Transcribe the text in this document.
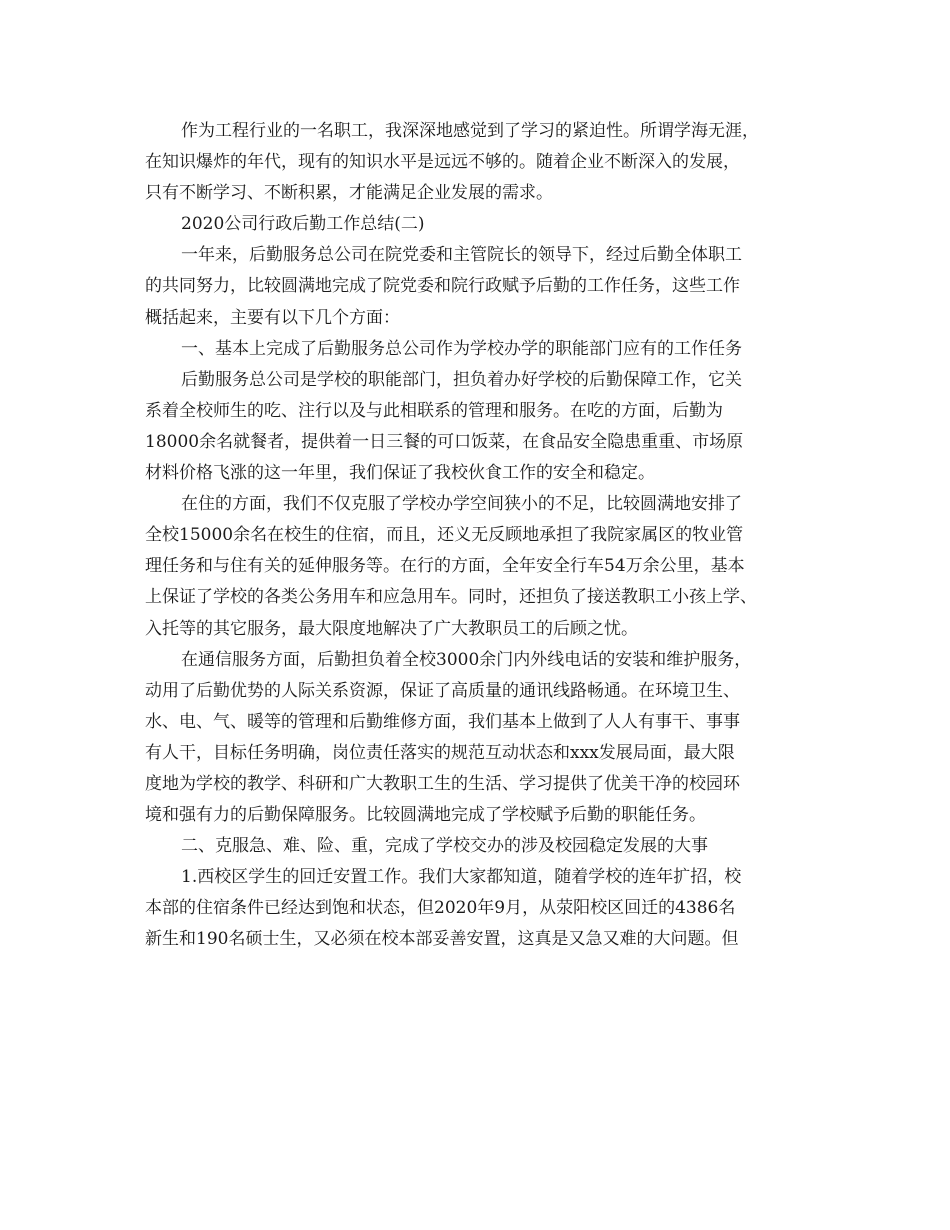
作为工程行业的一名职工，我深深地感觉到了学习的紧迫性。所谓学海无涯，
在知识爆炸的年代，现有的知识水平是远远不够的。随着企业不断深入的发展，
只有不断学习、不断积累，才能满足企业发展的需求。
2020公司行政后勤工作总结(二)
一年来，后勤服务总公司在院党委和主管院长的领导下，经过后勤全体职工
的共同努力，比较圆满地完成了院党委和院行政赋予后勤的工作任务，这些工作
概括起来，主要有以下几个方面：
一、基本上完成了后勤服务总公司作为学校办学的职能部门应有的工作任务
后勤服务总公司是学校的职能部门，担负着办好学校的后勤保障工作，它关
系着全校师生的吃、注行以及与此相联系的管理和服务。在吃的方面，后勤为
18000余名就餐者，提供着一日三餐的可口饭菜，在食品安全隐患重重、市场原
材料价格飞涨的这一年里，我们保证了我校伙食工作的安全和稳定。
在住的方面，我们不仅克服了学校办学空间狭小的不足，比较圆满地安排了
全校15000余名在校生的住宿，而且，还义无反顾地承担了我院家属区的牧业管
理任务和与住有关的延伸服务等。在行的方面，全年安全行车54万余公里，基本
上保证了学校的各类公务用车和应急用车。同时，还担负了接送教职工小孩上学、
入托等的其它服务，最大限度地解决了广大教职员工的后顾之忧。
在通信服务方面，后勤担负着全校3000余门内外线电话的安装和维护服务，
动用了后勤优势的人际关系资源，保证了高质量的通讯线路畅通。在环境卫生、
水、电、气、暖等的管理和后勤维修方面，我们基本上做到了人人有事干、事事
有人干，目标任务明确，岗位责任落实的规范互动状态和xxx发展局面，最大限
度地为学校的教学、科研和广大教职工生的生活、学习提供了优美干净的校园环
境和强有力的后勤保障服务。比较圆满地完成了学校赋予后勤的职能任务。
二、克服急、难、险、重，完成了学校交办的涉及校园稳定发展的大事
1.西校区学生的回迁安置工作。我们大家都知道，随着学校的连年扩招，校
本部的住宿条件已经达到饱和状态，但2020年9月，从荥阳校区回迁的4386名
新生和190名硕士生，又必须在校本部妥善安置，这真是又急又难的大问题。但
